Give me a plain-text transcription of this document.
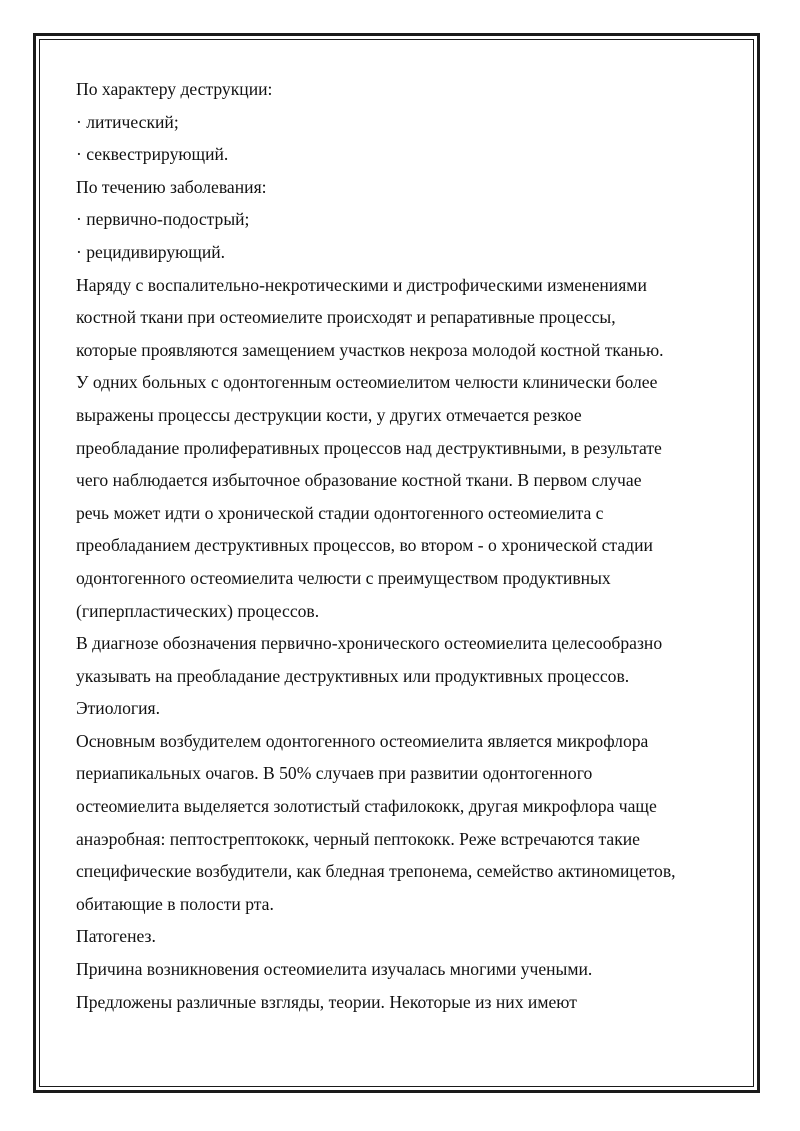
По характеру деструкции:
· литический;
· секвестрирующий.
По течению заболевания:
· первично-подострый;
· рецидивирующий.
Наряду с воспалительно-некротическими и дистрофическими изменениями
костной ткани при остеомиелите происходят и репаративные процессы,
которые проявляются замещением участков некроза молодой костной тканью.
У одних больных с одонтогенным остеомиелитом челюсти клинически более
выражены процессы деструкции кости, у других отмечается резкое
преобладание пролиферативных процессов над деструктивными, в результате
чего наблюдается избыточное образование костной ткани. В первом случае
речь может идти о хронической стадии одонтогенного остеомиелита с
преобладанием деструктивных процессов, во втором - о хронической стадии
одонтогенного остеомиелита челюсти с преимуществом продуктивных
(гиперпластических) процессов.
В диагнозе обозначения первично-хронического остеомиелита целесообразно
указывать на преобладание деструктивных или продуктивных процессов.
Этиология.
Основным возбудителем одонтогенного остеомиелита является микрофлора
периапикальных очагов. В 50% случаев при развитии одонтогенного
остеомиелита выделяется золотистый стафилококк, другая микрофлора чаще
анаэробная: пептострептококк, черный пептококк. Реже встречаются такие
специфические возбудители, как бледная трепонема, семейство актиномицетов,
обитающие в полости рта.
Патогенез.
Причина возникновения остеомиелита изучалась многими учеными.
Предложены различные взгляды, теории. Некоторые из них имеют
